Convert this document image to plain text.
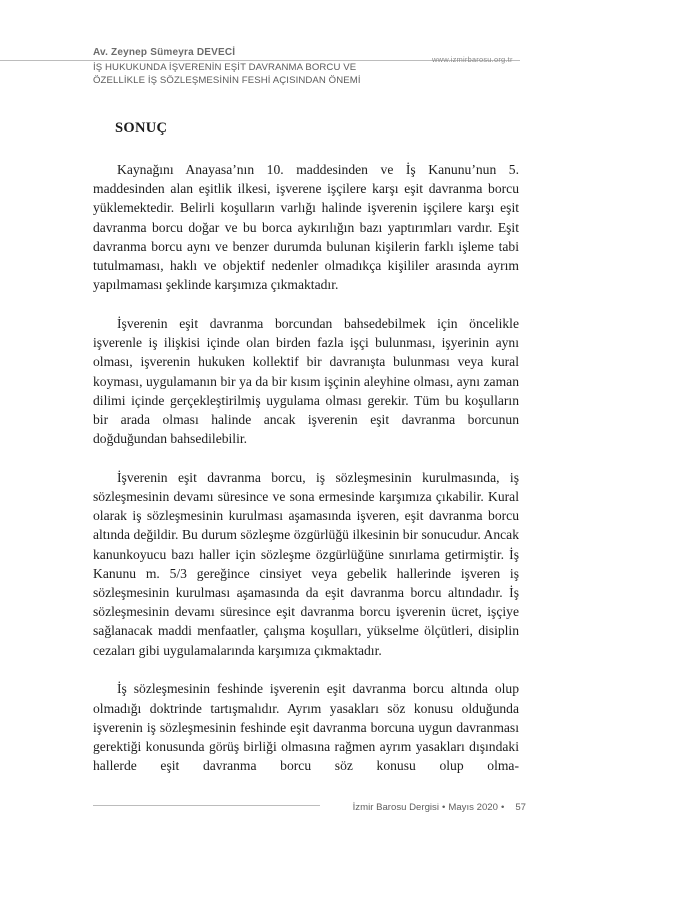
Av. Zeynep Sümeyra DEVECİ
www.izmirbarosu.org.tr
İŞ HUKUKUNDA İŞVERENİN EŞİT DAVRANMA BORCU VE
ÖZELLİKLE İŞ SÖZLEŞMESİNİN FESHİ AÇISINDAN ÖNEMİ
SONUÇ

Kaynağını Anayasa’nın 10. maddesinden ve İş Kanunu’nun 5. maddesinden alan eşitlik ilkesi, işverene işçilere karşı eşit davranma borcu yüklemektedir. Belirli koşulların varlığı halinde işverenin işçilere karşı eşit davranma borcu doğar ve bu borca aykırılığın bazı yaptırımları vardır. Eşit davranma borcu aynı ve benzer durumda bulunan kişilerin farklı işleme tabi tutulmaması, haklı ve objektif nedenler olmadıkça kişililer arasında ayrım yapılmaması şeklinde karşımıza çıkmaktadır.

İşverenin eşit davranma borcundan bahsedebilmek için öncelikle işverenle iş ilişkisi içinde olan birden fazla işçi bulunması, işyerinin aynı olması, işverenin hukuken kollektif bir davranışta bulunması veya kural koyması, uygulamanın bir ya da bir kısım işçinin aleyhine olması, aynı zaman dilimi içinde gerçekleştirilmiş uygulama olması gerekir. Tüm bu koşulların bir arada olması halinde ancak işverenin eşit davranma borcunun doğduğundan bahsedilebilir.

İşverenin eşit davranma borcu, iş sözleşmesinin kurulmasında, iş sözleşmesinin devamı süresince ve sona ermesinde karşımıza çıkabilir. Kural olarak iş sözleşmesinin kurulması aşamasında işveren, eşit davranma borcu altında değildir. Bu durum sözleşme özgürlüğü ilkesinin bir sonucudur. Ancak kanunkoyucu bazı haller için sözleşme özgürlüğüne sınırlama getirmiştir. İş Kanunu m. 5/3 gereğince cinsiyet veya gebelik hallerinde işveren iş sözleşmesinin kurulması aşamasında da eşit davranma borcu altındadır. İş sözleşmesinin devamı süresince eşit davranma borcu işverenin ücret, işçiye sağlanacak maddi menfaatler, çalışma koşulları, yükselme ölçütleri, disiplin cezaları gibi uygulamalarında karşımıza çıkmaktadır.

İş sözleşmesinin feshinde işverenin eşit davranma borcu altında olup olmadığı doktrinde tartışmalıdır. Ayrım yasakları söz konusu olduğunda işverenin iş sözleşmesinin feshinde eşit davranma borcuna uygun davranması gerektiği konusunda görüş birliği olmasına rağmen ayrım yasakları dışındaki hallerde eşit davranma borcu söz konusu olup olma-

İzmir Barosu Dergisi • Mayıs 2020 • 57
